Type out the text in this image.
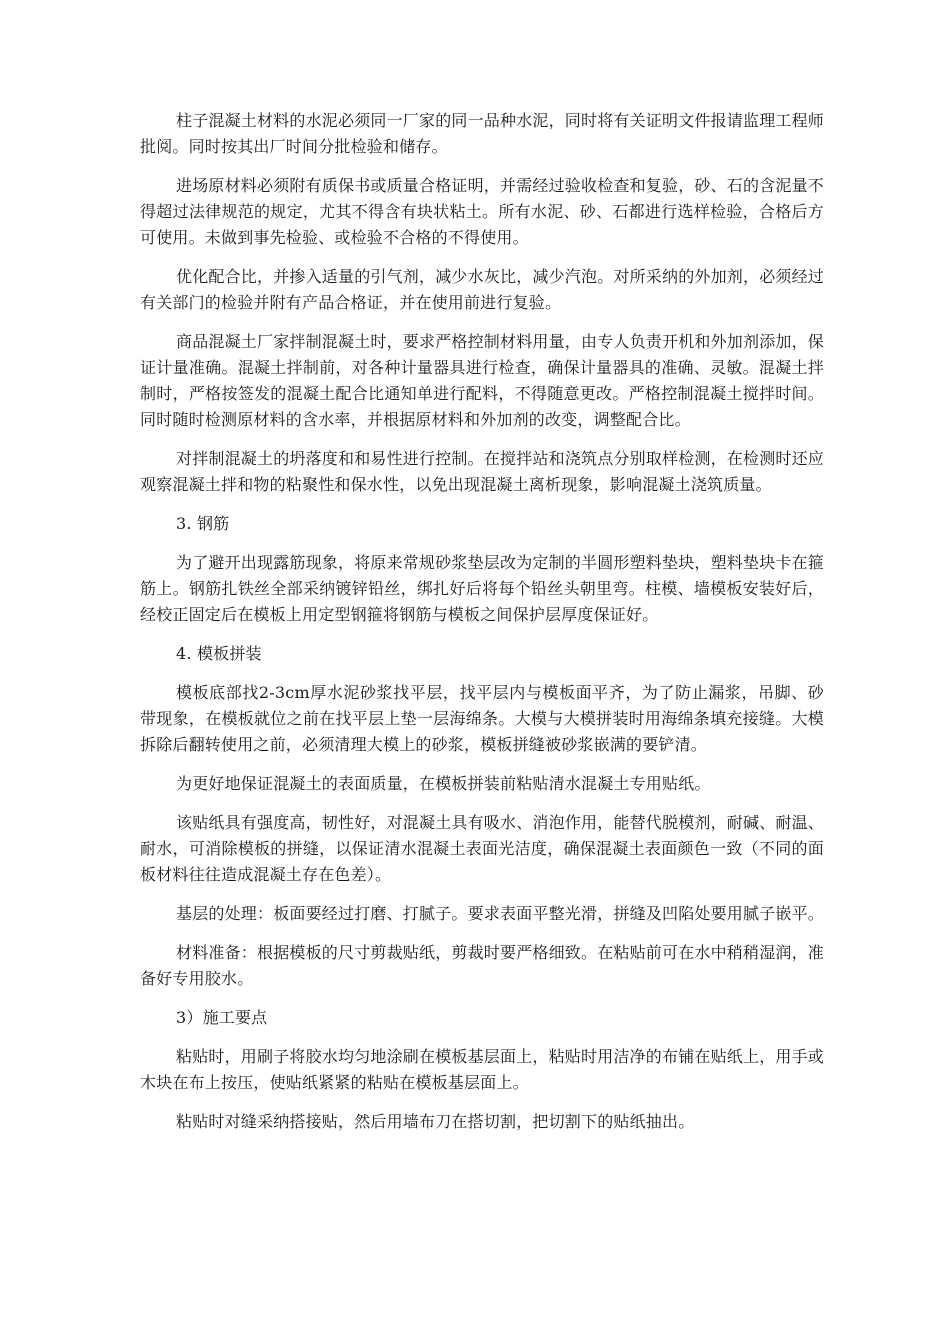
柱子混凝土材料的水泥必须同一厂家的同一品种水泥，同时将有关证明文件报请监理工程师批阅。同时按其出厂时间分批检验和储存。

进场原材料必须附有质保书或质量合格证明，并需经过验收检查和复验，砂、石的含泥量不得超过法律规范的规定，尤其不得含有块状粘土。所有水泥、砂、石都进行选样检验，合格后方可使用。未做到事先检验、或检验不合格的不得使用。

优化配合比，并掺入适量的引气剂，减少水灰比，减少汽泡。对所采纳的外加剂，必须经过有关部门的检验并附有产品合格证，并在使用前进行复验。

商品混凝土厂家拌制混凝土时，要求严格控制材料用量，由专人负责开机和外加剂添加，保证计量准确。混凝土拌制前，对各种计量器具进行检查，确保计量器具的准确、灵敏。混凝土拌制时，严格按签发的混凝土配合比通知单进行配料，不得随意更改。严格控制混凝土搅拌时间。同时随时检测原材料的含水率，并根据原材料和外加剂的改变，调整配合比。

对拌制混凝土的坍落度和和易性进行控制。在搅拌站和浇筑点分别取样检测，在检测时还应观察混凝土拌和物的粘聚性和保水性，以免出现混凝土离析现象，影响混凝土浇筑质量。

3. 钢筋

为了避开出现露筋现象，将原来常规砂浆垫层改为定制的半圆形塑料垫块，塑料垫块卡在箍筋上。钢筋扎铁丝全部采纳镀锌铅丝，绑扎好后将每个铅丝头朝里弯。柱模、墙模板安装好后，经校正固定后在模板上用定型钢箍将钢筋与模板之间保护层厚度保证好。

4. 模板拼装

模板底部找2-3cm厚水泥砂浆找平层，找平层内与模板面平齐，为了防止漏浆，吊脚、砂带现象，在模板就位之前在找平层上垫一层海绵条。大模与大模拼装时用海绵条填充接缝。大模拆除后翻转使用之前，必须清理大模上的砂浆，模板拼缝被砂浆嵌满的要铲清。

为更好地保证混凝土的表面质量，在模板拼装前粘贴清水混凝土专用贴纸。

该贴纸具有强度高，韧性好，对混凝土具有吸水、消泡作用，能替代脱模剂，耐碱、耐温、耐水，可消除模板的拼缝，以保证清水混凝土表面光洁度，确保混凝土表面颜色一致（不同的面板材料往往造成混凝土存在色差）。

基层的处理：板面要经过打磨、打腻子。要求表面平整光滑，拼缝及凹陷处要用腻子嵌平。

材料准备：根据模板的尺寸剪裁贴纸，剪裁时要严格细致。在粘贴前可在水中稍稍湿润，准备好专用胶水。

3）施工要点

粘贴时，用刷子将胶水均匀地涂刷在模板基层面上，粘贴时用洁净的布铺在贴纸上，用手或木块在布上按压，使贴纸紧紧的粘贴在模板基层面上。

粘贴时对缝采纳搭接贴，然后用墙布刀在搭切割，把切割下的贴纸抽出。
